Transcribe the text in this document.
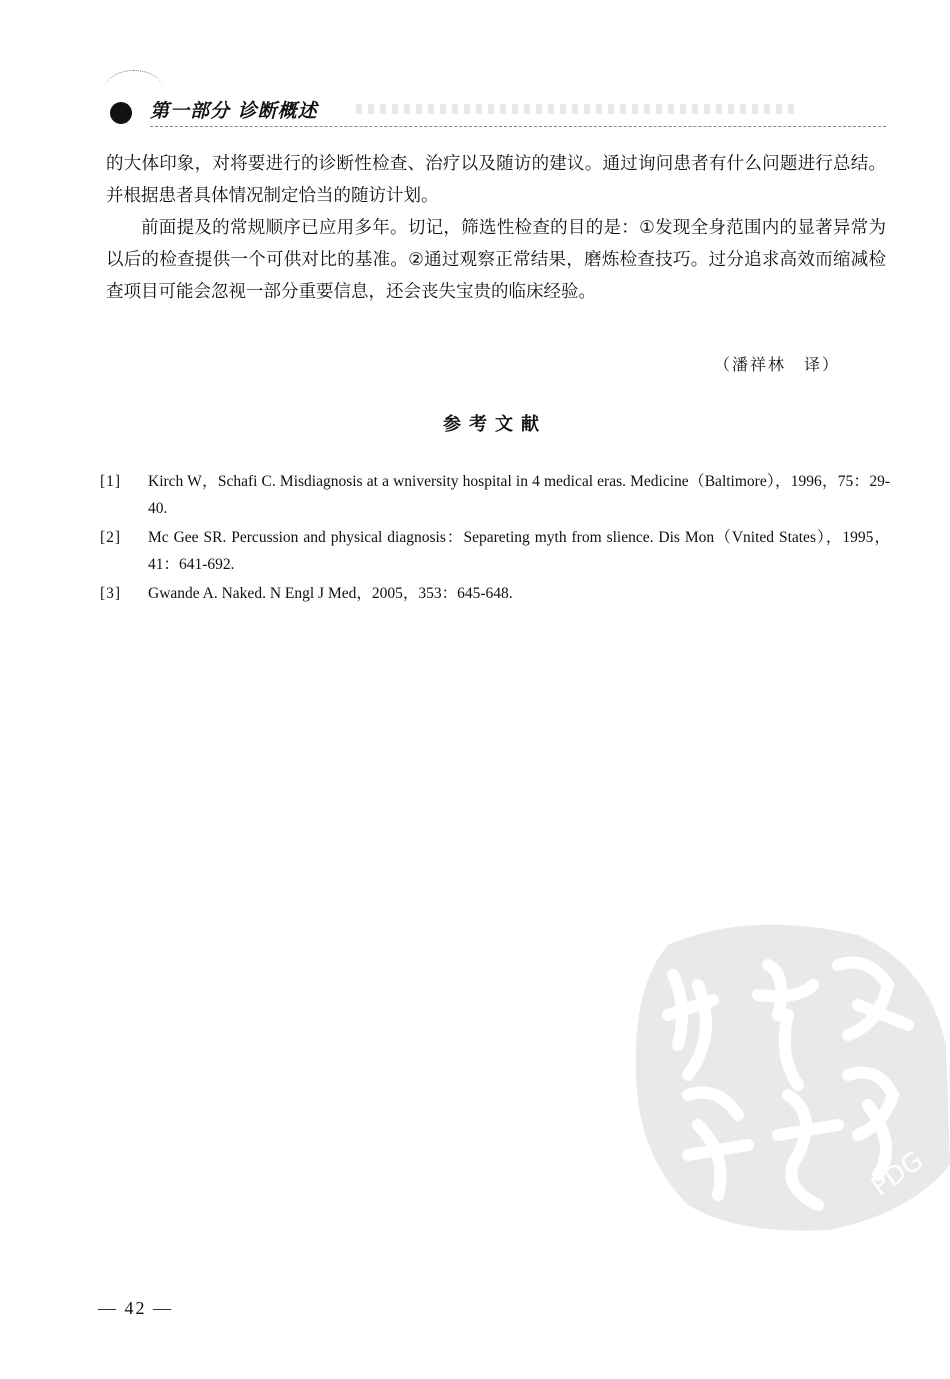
第一部分 诊断概述

的大体印象，对将要进行的诊断性检查、治疗以及随访的建议。通过询问患者有什么问题进行总结。并根据患者具体情况制定恰当的随访计划。

前面提及的常规顺序已应用多年。切记，筛选性检查的目的是：①发现全身范围内的显著异常为以后的检查提供一个可供对比的基准。②通过观察正常结果，磨炼检查技巧。过分追求高效而缩减检查项目可能会忽视一部分重要信息，还会丧失宝贵的临床经验。

（潘祥林　译）
参考文献
[1]	Kirch W，Schafi C. Misdiagnosis at a wniversity hospital in 4 medical eras. Medicine（Baltimore），1996，75：29-40.
[2]	Mc Gee SR. Percussion and physical diagnosis：Separeting myth from slience. Dis Mon（Vnited States），1995，41：641-692.
[3]	Gwande A. Naked. N Engl J Med，2005，353：645-648.
PDG
— 42 —
